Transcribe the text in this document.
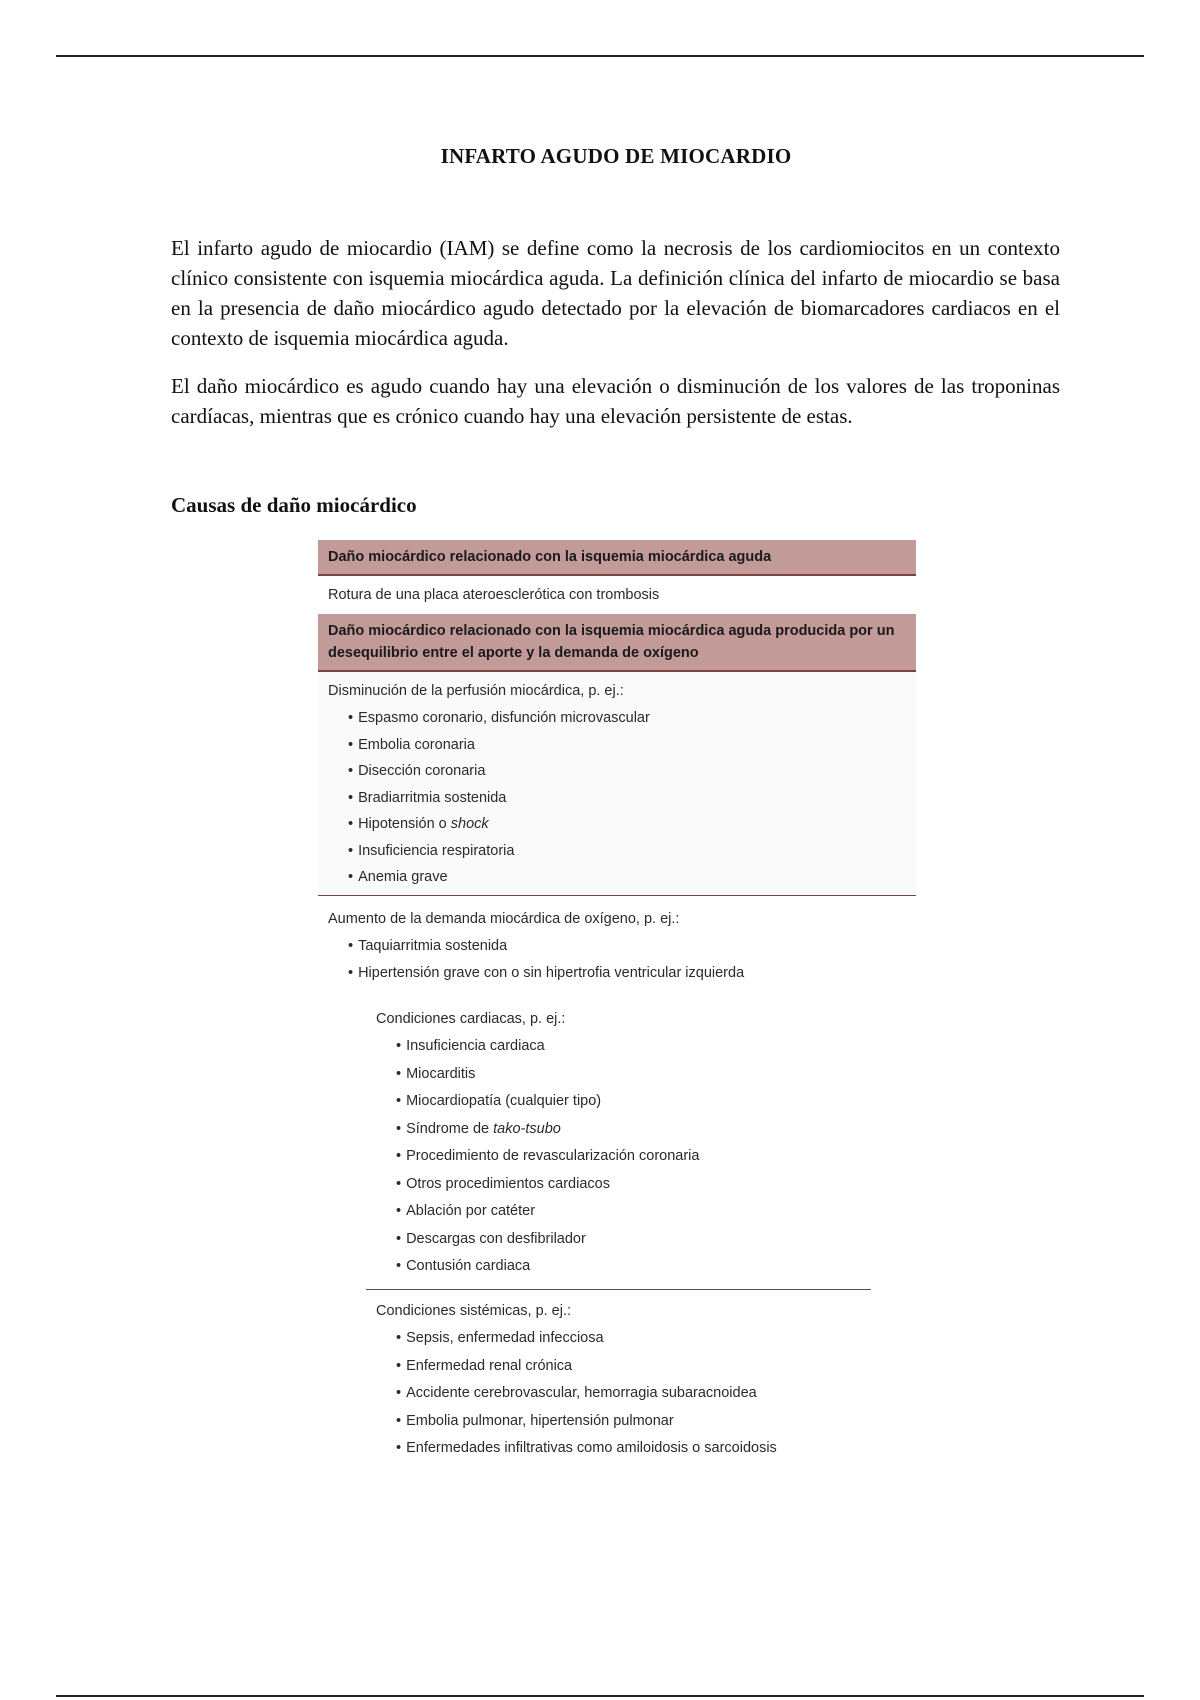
INFARTO AGUDO DE MIOCARDIO

El infarto agudo de miocardio (IAM) se define como la necrosis de los cardiomiocitos en un contexto clínico consistente con isquemia miocárdica aguda. La definición clínica del infarto de miocardio se basa en la presencia de daño miocárdico agudo detectado por la elevación de biomarcadores cardiacos en el contexto de isquemia miocárdica aguda.

El daño miocárdico es agudo cuando hay una elevación o disminución de los valores de las troponinas cardíacas, mientras que es crónico cuando hay una elevación persistente de estas.

Causas de daño miocárdico
Daño miocárdico relacionado con la isquemia miocárdica aguda
Rotura de una placa ateroesclerótica con trombosis
Daño miocárdico relacionado con la isquemia miocárdica aguda producida por un desequilibrio entre el aporte y la demanda de oxígeno
Disminución de la perfusión miocárdica, p. ej.:
• Espasmo coronario, disfunción microvascular
• Embolia coronaria
• Disección coronaria
• Bradiarritmia sostenida
• Hipotensión o shock
• Insuficiencia respiratoria
• Anemia grave
Aumento de la demanda miocárdica de oxígeno, p. ej.:
• Taquiarritmia sostenida
• Hipertensión grave con o sin hipertrofia ventricular izquierda
Condiciones cardiacas, p. ej.:
• Insuficiencia cardiaca
• Miocarditis
• Miocardiopatía (cualquier tipo)
• Síndrome de tako-tsubo
• Procedimiento de revascularización coronaria
• Otros procedimientos cardiacos
• Ablación por catéter
• Descargas con desfibrilador
• Contusión cardiaca
Condiciones sistémicas, p. ej.:
• Sepsis, enfermedad infecciosa
• Enfermedad renal crónica
• Accidente cerebrovascular, hemorragia subaracnoidea
• Embolia pulmonar, hipertensión pulmonar
• Enfermedades infiltrativas como amiloidosis o sarcoidosis
